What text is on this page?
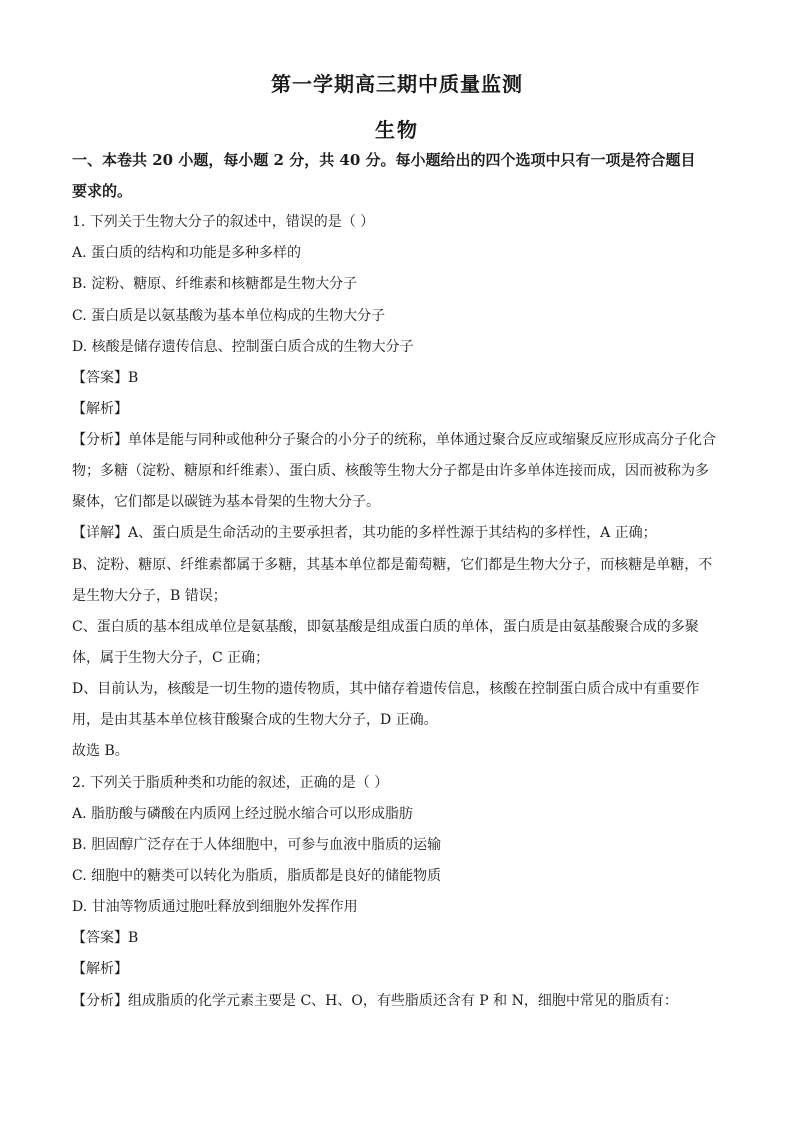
第一学期高三期中质量监测
生物
一、本卷共 20 小题，每小题 2 分，共 40 分。每小题给出的四个选项中只有一项是符合题目
要求的。
1. 下列关于生物大分子的叙述中，错误的是（ ）
A. 蛋白质的结构和功能是多种多样的
B. 淀粉、糖原、纤维素和核糖都是生物大分子
C. 蛋白质是以氨基酸为基本单位构成的生物大分子
D. 核酸是储存遗传信息、控制蛋白质合成的生物大分子
【答案】B
【解析】
【分析】单体是能与同种或他种分子聚合的小分子的统称，单体通过聚合反应或缩聚反应形成高分子化合
物；多糖（淀粉、糖原和纤维素）、蛋白质、核酸等生物大分子都是由许多单体连接而成，因而被称为多
聚体，它们都是以碳链为基本骨架的生物大分子。
【详解】A、蛋白质是生命活动的主要承担者，其功能的多样性源于其结构的多样性，A 正确；
B、淀粉、糖原、纤维素都属于多糖，其基本单位都是葡萄糖，它们都是生物大分子，而核糖是单糖，不
是生物大分子，B 错误；
C、蛋白质的基本组成单位是氨基酸，即氨基酸是组成蛋白质的单体，蛋白质是由氨基酸聚合成的多聚
体，属于生物大分子，C 正确；
D、目前认为，核酸是一切生物的遗传物质，其中储存着遗传信息，核酸在控制蛋白质合成中有重要作
用，是由其基本单位核苷酸聚合成的生物大分子，D 正确。
故选 B。
2. 下列关于脂质种类和功能的叙述，正确的是（ ）
A. 脂肪酸与磷酸在内质网上经过脱水缩合可以形成脂肪
B. 胆固醇广泛存在于人体细胞中，可参与血液中脂质的运输
C. 细胞中的糖类可以转化为脂质，脂质都是良好的储能物质
D. 甘油等物质通过胞吐释放到细胞外发挥作用
【答案】B
【解析】
【分析】组成脂质的化学元素主要是 C、H、O，有些脂质还含有 P 和 N，细胞中常见的脂质有：
